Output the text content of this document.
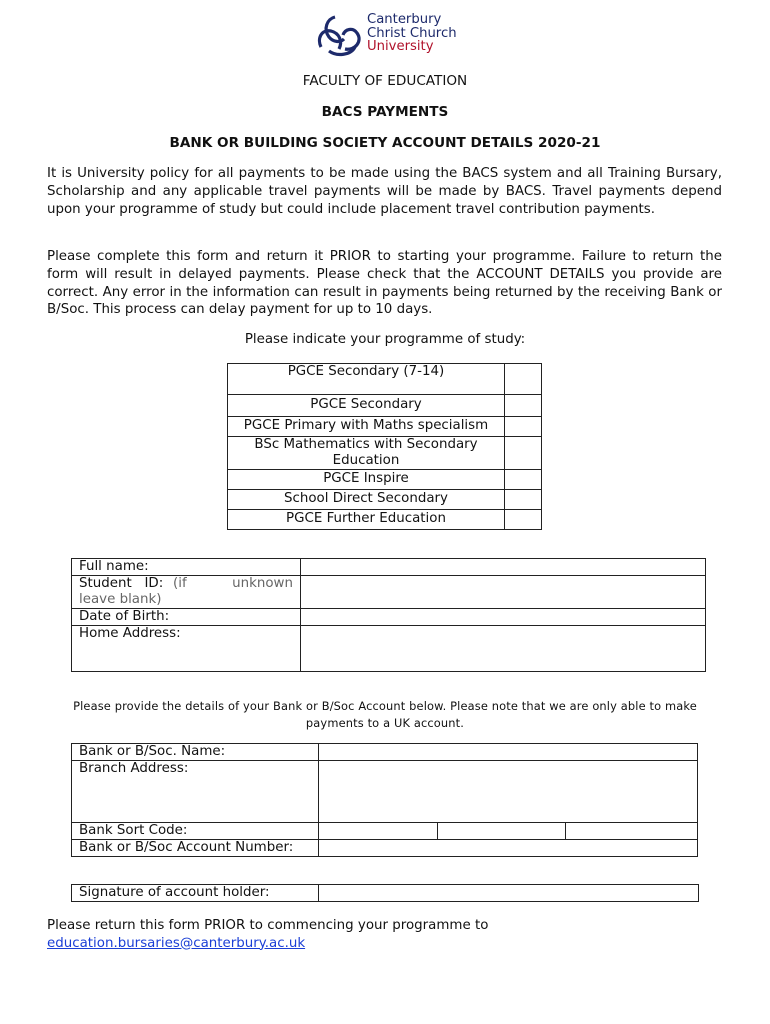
Canterbury
Christ Church
University
FACULTY OF EDUCATION
BACS PAYMENTS
BANK OR BUILDING SOCIETY ACCOUNT DETAILS 2020-21
It is University policy for all payments to be made using the BACS system and all Training Bursary, Scholarship and any applicable travel payments will be made by BACS. Travel payments depend upon your programme of study but could include placement travel contribution payments.
Please complete this form and return it PRIOR to starting your programme. Failure to return the form will result in delayed payments. Please check that the ACCOUNT DETAILS you provide are correct. Any error in the information can result in payments being returned by the receiving Bank or B/Soc. This process can delay payment for up to 10 days.
Please indicate your programme of study:
PGCE Secondary (7-14)	
PGCE Secondary	
PGCE Primary with Maths specialism	
BSc Mathematics with Secondary Education	
PGCE Inspire	
School Direct Secondary	
PGCE Further Education	
Full name:	

Student   ID: (if   unknown leave blank)	

Date of Birth:	
Home Address:	
Please provide the details of your Bank or B/Soc Account below. Please note that we are only able to make payments to a UK account.
Bank or B/Soc. Name:			
Branch Address:			
Bank Sort Code:			
Bank or B/Soc Account Number:			
Signature of account holder:	
Please return this form PRIOR to commencing your programme to
education.bursaries@canterbury.ac.uk
